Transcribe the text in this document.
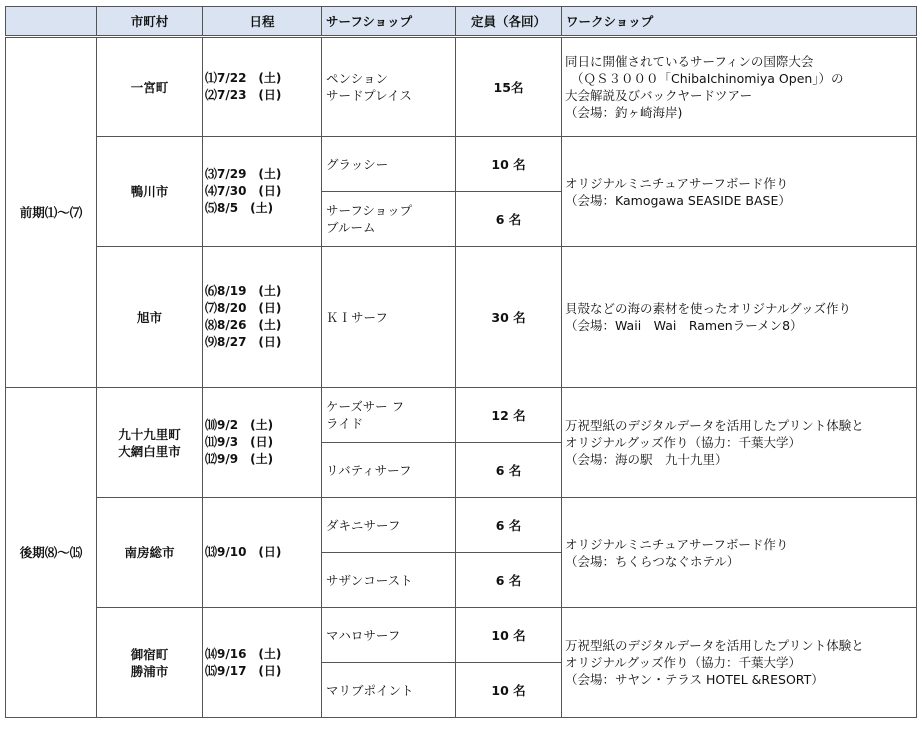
	市町村	日程	サーフショップ	定員（各回）	ワークショップ
前期⑴〜⑺	一宮町	⑴7/22　(土)
⑵7/23　(日)	ペンション
サードプレイス	15名	同日に開催されているサーフィンの国際大会
（ＱＳ３０００「ChibaIchinomiya Open」）の
大会解説及びバックヤードツアー
（会場：釣ヶ崎海岸)

	鴨川市	⑶7/29　(土)
⑷7/30　(日)
⑸8/5　(土)	グラッシー	10 名	オリジナルミニチュアサーフボード作り
（会場：Kamogawa SEASIDE BASE）

			サーフショップ
ブルーム	6 名	

	旭市	⑹8/19　(土)
⑺8/20　(日)
⑻8/26　(土)
⑼8/27　(日)	ＫＩサーフ	30 名	貝殻などの海の素材を使ったオリジナルグッズ作り
（会場：Waii　Wai　Ramenラーメン8）

後期⑻〜⒂	九十九里町
大網白里市	⑽9/2　(土)
⑾9/3　(日)
⑿9/9　(土)	ケーズサー フ
ライド	12 名	万祝型紙のデジタルデータを活用したプリント体験と
オリジナルグッズ作り（協力：千葉大学）
（会場：海の駅　九十九里）

			リバティサーフ	6 名	

	南房総市	⒀9/10　(日)	ダキニサーフ	6 名	オリジナルミニチュアサーフボード作り
（会場：ちくらつなぐホテル）

			サザンコースト	6 名	

	御宿町
勝浦市	⒁9/16　(土)
⒂9/17　(日)	マハロサーフ	10 名	万祝型紙のデジタルデータを活用したプリント体験と
オリジナルグッズ作り（協力：千葉大学）
（会場：サヤン・テラス HOTEL &RESORT）

			マリブポイント	10 名	
